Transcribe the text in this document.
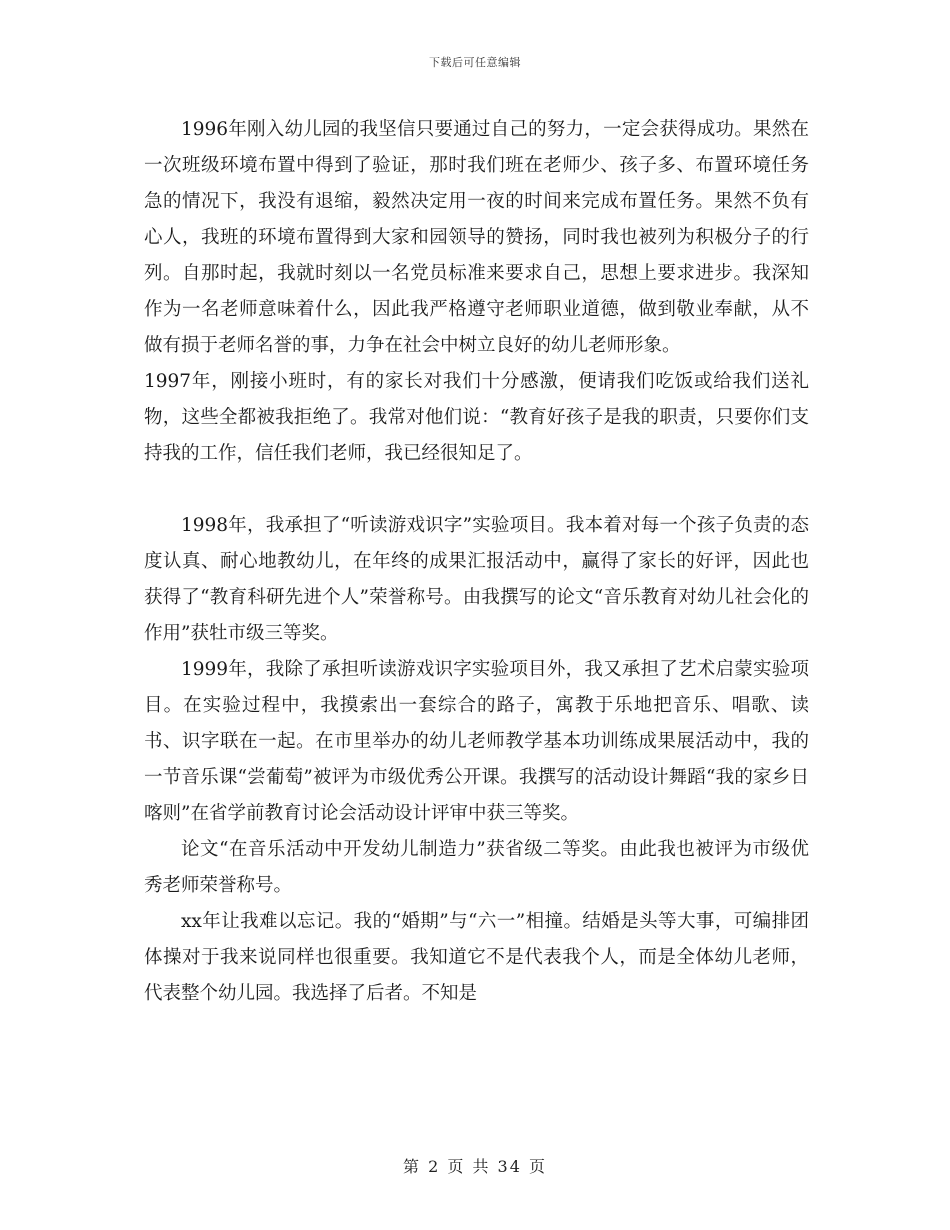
下载后可任意编辑

1996年刚入幼儿园的我坚信只要通过自己的努力，一定会获得成功。果然在一次班级环境布置中得到了验证，那时我们班在老师少、孩子多、布置环境任务急的情况下，我没有退缩，毅然决定用一夜的时间来完成布置任务。果然不负有心人，我班的环境布置得到大家和园领导的赞扬，同时我也被列为积极分子的行列。自那时起，我就时刻以一名党员标准来要求自己，思想上要求进步。我深知作为一名老师意味着什么，因此我严格遵守老师职业道德，做到敬业奉献，从不做有损于老师名誉的事，力争在社会中树立良好的幼儿老师形象。

1997年，刚接小班时，有的家长对我们十分感激，便请我们吃饭或给我们送礼物，这些全都被我拒绝了。我常对他们说：“教育好孩子是我的职责，只要你们支持我的工作，信任我们老师，我已经很知足了。

1998年，我承担了“听读游戏识字”实验项目。我本着对每一个孩子负责的态度认真、耐心地教幼儿，在年终的成果汇报活动中，赢得了家长的好评，因此也获得了“教育科研先进个人”荣誉称号。由我撰写的论文“音乐教育对幼儿社会化的作用”获牡市级三等奖。

1999年，我除了承担听读游戏识字实验项目外，我又承担了艺术启蒙实验项目。在实验过程中，我摸索出一套综合的路子，寓教于乐地把音乐、唱歌、读书、识字联在一起。在市里举办的幼儿老师教学基本功训练成果展活动中，我的一节音乐课“尝葡萄”被评为市级优秀公开课。我撰写的活动设计舞蹈“我的家乡日喀则”在省学前教育讨论会活动设计评审中获三等奖。

论文“在音乐活动中开发幼儿制造力”获省级二等奖。由此我也被评为市级优秀老师荣誉称号。

xx年让我难以忘记。我的“婚期”与“六一”相撞。结婚是头等大事，可编排团体操对于我来说同样也很重要。我知道它不是代表我个人，而是全体幼儿老师，代表整个幼儿园。我选择了后者。不知是

第 2 页 共 34 页
